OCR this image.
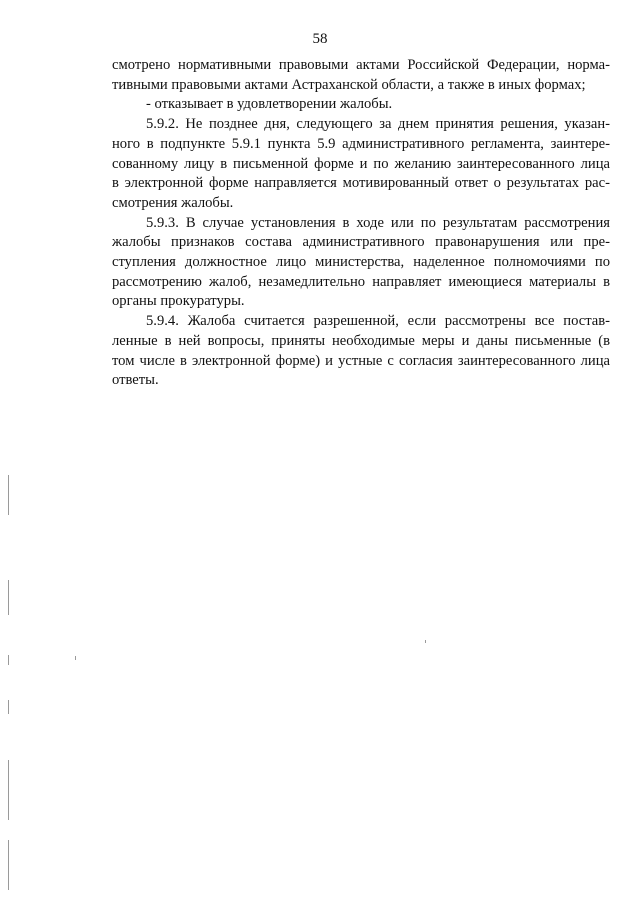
58
смотрено нормативными правовыми актами Российской Федерации, норма-
тивными правовыми актами Астраханской области, а также в иных формах;
- отказывает в удовлетворении жалобы.
5.9.2. Не позднее дня, следующего за днем принятия решения, указан-
ного в подпункте 5.9.1 пункта 5.9 административного регламента, заинтере-
сованному лицу в письменной форме и по желанию заинтересованного лица
в электронной форме направляется мотивированный ответ о результатах рас-
смотрения жалобы.
5.9.3. В случае установления в ходе или по результатам рассмотрения
жалобы признаков состава административного правонарушения или пре-
ступления должностное лицо министерства, наделенное полномочиями по
рассмотрению жалоб, незамедлительно направляет имеющиеся материалы в
органы прокуратуры.
5.9.4. Жалоба считается разрешенной, если рассмотрены все постав-
ленные в ней вопросы, приняты необходимые меры и даны письменные (в
том числе в электронной форме) и устные с согласия заинтересованного лица
ответы.
